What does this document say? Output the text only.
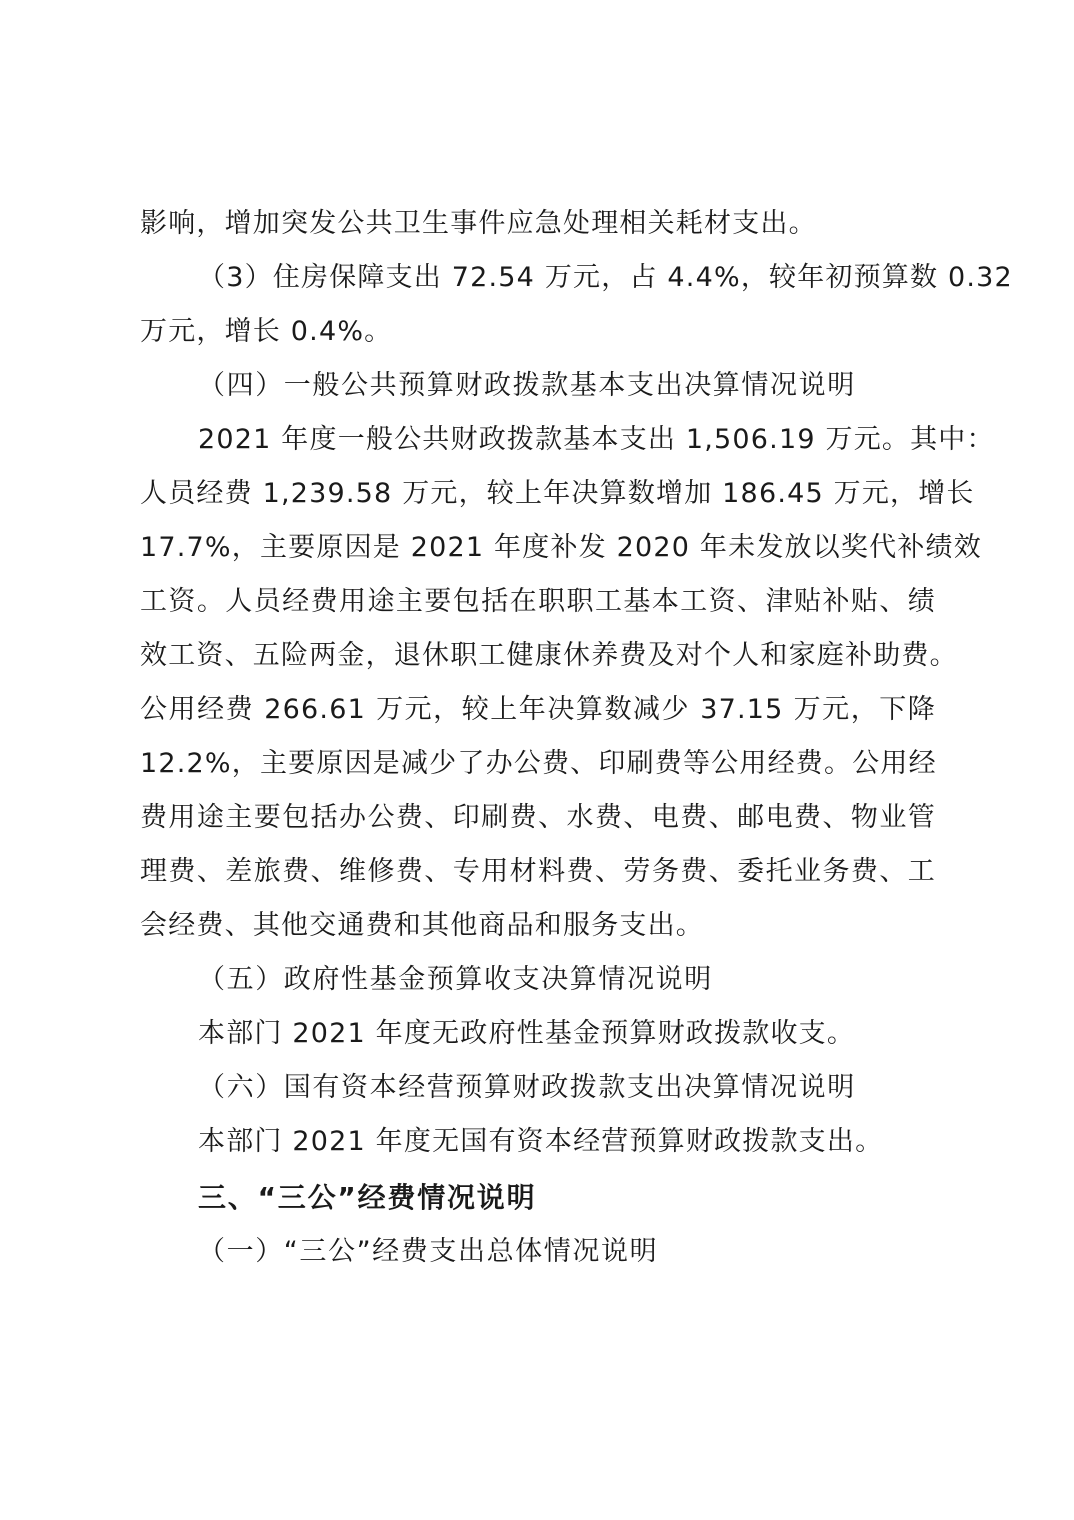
影响，增加突发公共卫生事件应急处理相关耗材支出。
（3）住房保障支出 72.54 万元，占 4.4%，较年初预算数 0.32
万元，增长 0.4%。
（四）一般公共预算财政拨款基本支出决算情况说明
2021 年度一般公共财政拨款基本支出 1,506.19 万元。其中：
人员经费 1,239.58 万元，较上年决算数增加 186.45 万元，增长
17.7%，主要原因是 2021 年度补发 2020 年未发放以奖代补绩效
工资。人员经费用途主要包括在职职工基本工资、津贴补贴、绩
效工资、五险两金，退休职工健康休养费及对个人和家庭补助费。
公用经费 266.61 万元，较上年决算数减少 37.15 万元，下降
12.2%，主要原因是减少了办公费、印刷费等公用经费。公用经
费用途主要包括办公费、印刷费、水费、电费、邮电费、物业管
理费、差旅费、维修费、专用材料费、劳务费、委托业务费、工
会经费、其他交通费和其他商品和服务支出。
（五）政府性基金预算收支决算情况说明
本部门 2021 年度无政府性基金预算财政拨款收支。
（六）国有资本经营预算财政拨款支出决算情况说明
本部门 2021 年度无国有资本经营预算财政拨款支出。
三、“三公”经费情况说明
（一）“三公”经费支出总体情况说明
